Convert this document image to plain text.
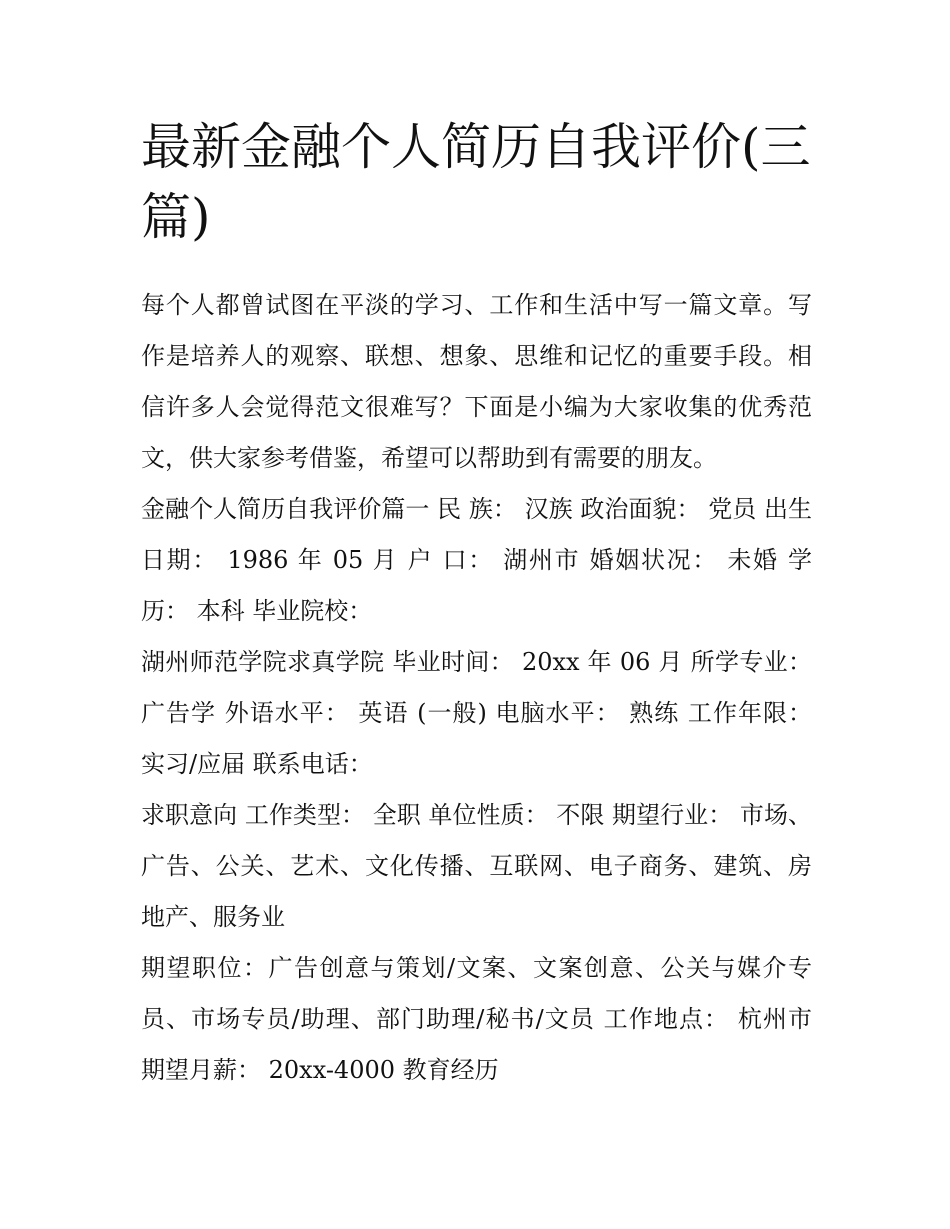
最新金融个人简历自我评价(三篇)

每个人都曾试图在平淡的学习、工作和生活中写一篇文章。写作是培养人的观察、联想、想象、思维和记忆的重要手段。相信许多人会觉得范文很难写？下面是小编为大家收集的优秀范文，供大家参考借鉴，希望可以帮助到有需要的朋友。

金融个人简历自我评价篇一 民 族： 汉族 政治面貌： 党员 出生日期： 1986 年 05 月 户 口： 湖州市 婚姻状况： 未婚 学历： 本科 毕业院校：

湖州师范学院求真学院 毕业时间： 20xx 年 06 月 所学专业： 广告学 外语水平： 英语 (一般) 电脑水平： 熟练 工作年限： 实习/应届 联系电话：

求职意向 工作类型： 全职 单位性质： 不限 期望行业： 市场、广告、公关、艺术、文化传播、互联网、电子商务、建筑、房地产、服务业

期望职位：广告创意与策划/文案、文案创意、公关与媒介专员、市场专员/助理、部门助理/秘书/文员 工作地点： 杭州市 期望月薪： 20xx-4000 教育经历
